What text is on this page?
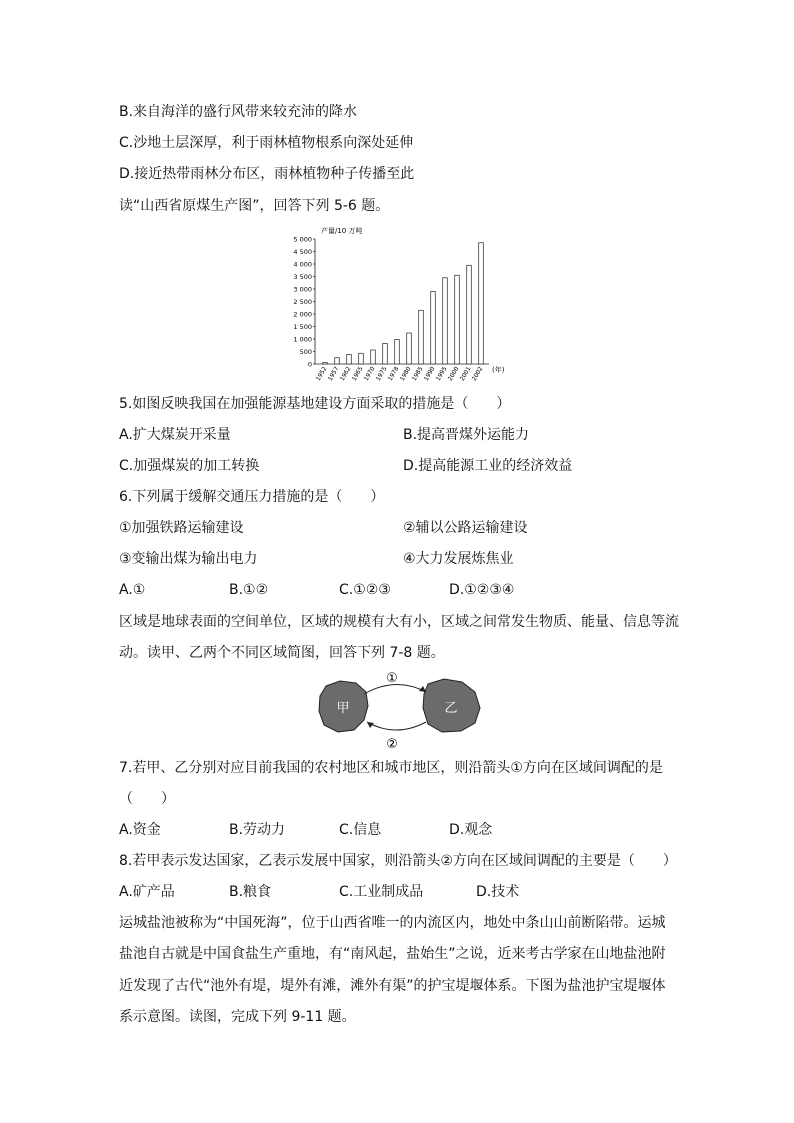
B.来自海洋的盛行风带来较充沛的降水
C.沙地土层深厚，利于雨林植物根系向深处延伸
D.接近热带雨林分布区，雨林植物种子传播至此
读“山西省原煤生产图”，回答下列 5-6 题。
产量/10 万吨
0
500
1 000
1 500
2 000
2 500
3 000
3 500
4 000
4 500
5 000
1952
1957
1962
1965
1970
1975
1978
1980
1985
1990
1995
2000
2001
2002 (年)
5.如图反映我国在加强能源基地建设方面采取的措施是（　　）
A.扩大煤炭开采量	B.提高晋煤外运能力
C.加强煤炭的加工转换	D.提高能源工业的经济效益
6.下列属于缓解交通压力措施的是（　　）
①加强铁路运输建设	②辅以公路运输建设
③变输出煤为输出电力	④大力发展炼焦业
A.①	B.①②	C.①②③	D.①②③④
区域是地球表面的空间单位，区域的规模有大有小，区域之间常发生物质、能量、信息等流
动。读甲、乙两个不同区域简图，回答下列 7-8 题。
甲	乙
①
②
7.若甲、乙分别对应目前我国的农村地区和城市地区，则沿箭头①方向在区域间调配的是
（　　）
A.资金	B.劳动力	C.信息	D.观念
8.若甲表示发达国家，乙表示发展中国家，则沿箭头②方向在区域间调配的主要是（　　）
A.矿产品	B.粮食	C.工业制成品	D.技术
运城盐池被称为“中国死海”，位于山西省唯一的内流区内，地处中条山山前断陷带。运城
盐池自古就是中国食盐生产重地，有“南风起，盐始生”之说，近来考古学家在山地盐池附
近发现了古代“池外有堤，堤外有滩，滩外有渠”的护宝堤堰体系。下图为盐池护宝堤堰体
系示意图。读图，完成下列 9-11 题。
